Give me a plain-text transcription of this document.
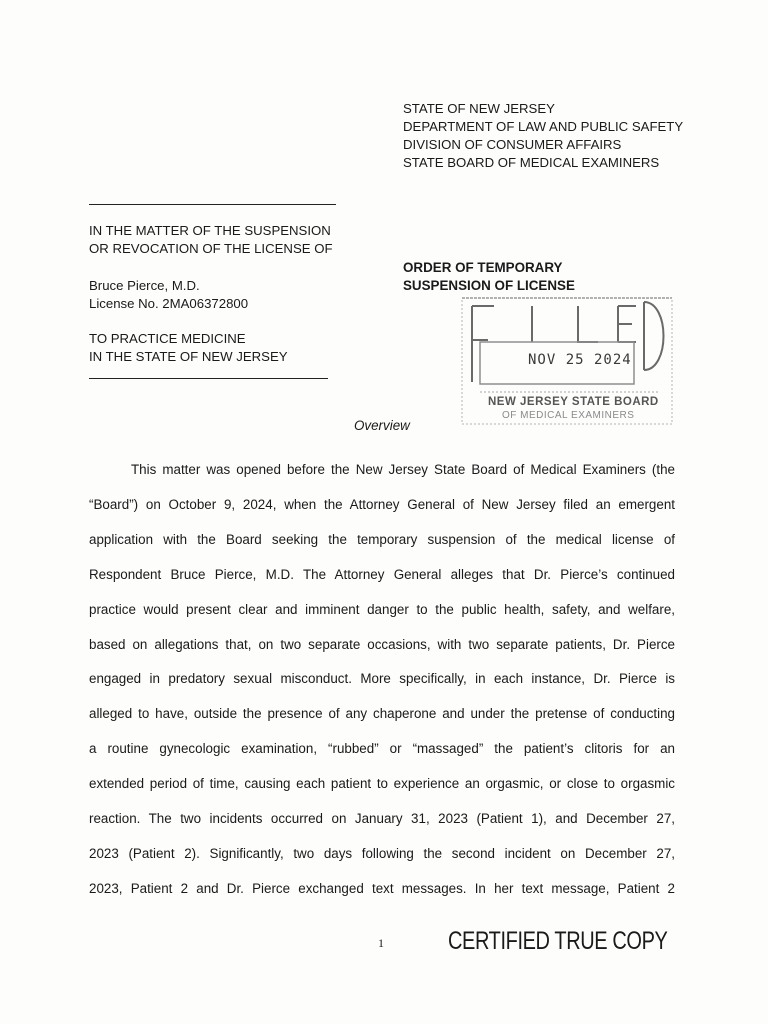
STATE OF NEW JERSEY
DEPARTMENT OF LAW AND PUBLIC SAFETY
DIVISION OF CONSUMER AFFAIRS
STATE BOARD OF MEDICAL EXAMINERS
IN THE MATTER OF THE SUSPENSION
OR REVOCATION OF THE LICENSE OF
Bruce Pierce, M.D.
License No. 2MA06372800
TO PRACTICE MEDICINE
IN THE STATE OF NEW JERSEY
ORDER OF TEMPORARY
SUSPENSION OF LICENSE
NOV 25 2024
NEW JERSEY STATE BOARD
OF MEDICAL EXAMINERS
Overview
This matter was opened before the New Jersey State Board of Medical Examiners (the
“Board”) on October 9, 2024, when the Attorney General of New Jersey filed an emergent
application with the Board seeking the temporary suspension of the medical license of
Respondent Bruce Pierce, M.D. The Attorney General alleges that Dr. Pierce’s continued
practice would present clear and imminent danger to the public health, safety, and welfare,
based on allegations that, on two separate occasions, with two separate patients, Dr. Pierce
engaged in predatory sexual misconduct. More specifically, in each instance, Dr. Pierce is
alleged to have, outside the presence of any chaperone and under the pretense of conducting
a routine gynecologic examination, “rubbed” or “massaged” the patient’s clitoris for an
extended period of time, causing each patient to experience an orgasmic, or close to orgasmic
reaction. The two incidents occurred on January 31, 2023 (Patient 1), and December 27,
2023 (Patient 2). Significantly, two days following the second incident on December 27,
2023, Patient 2 and Dr. Pierce exchanged text messages. In her text message, Patient 2
1	CERTIFIED TRUE COPY
